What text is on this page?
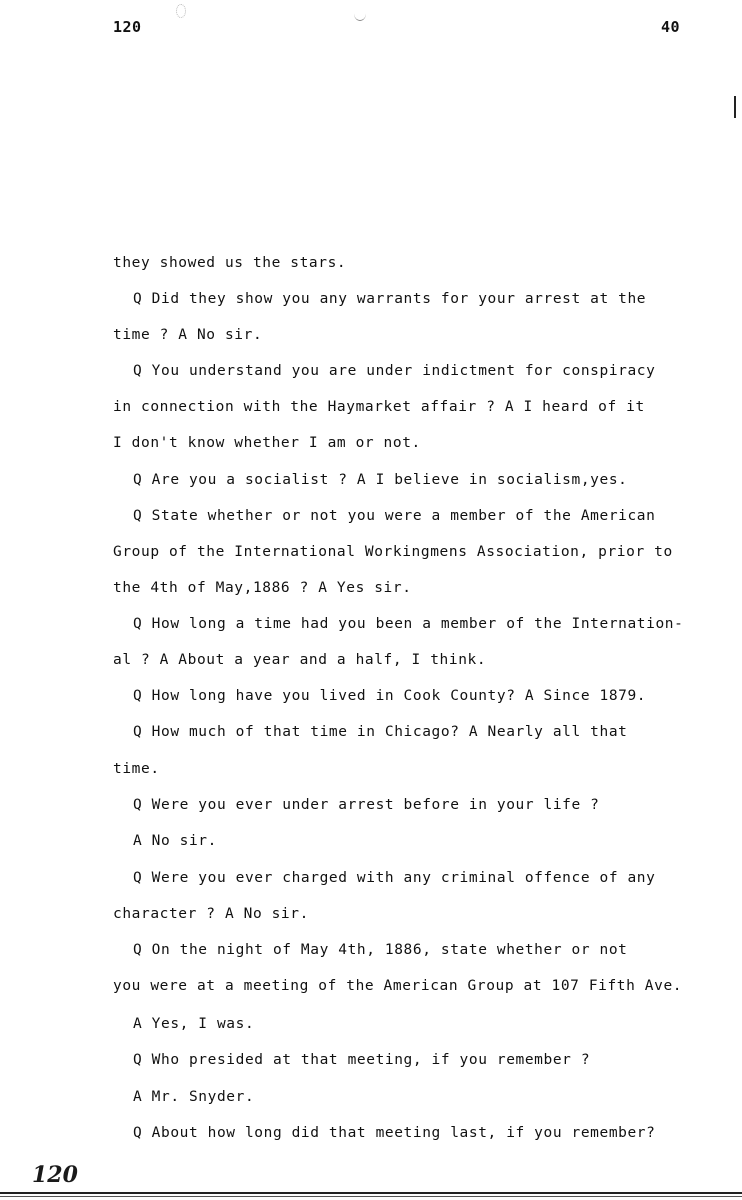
120	40
they showed us the stars.
Q Did they show you any warrants for your arrest at the
time ? A No sir.
Q You understand you are under indictment for conspiracy
in connection with the Haymarket affair ? A I heard of it
I don't know whether I am or not.
Q Are you a socialist ? A I believe in socialism,yes.
Q State whether or not you were a member of the American
Group of the International Workingmens Association, prior to
the 4th of May,1886 ? A Yes sir.
Q How long a time had you been a member of the Internation-
al ? A About a year and a half, I think.
Q How long have you lived in Cook County? A Since 1879.
Q How much of that time in Chicago? A Nearly all that
time.
Q Were you ever under arrest before in your life ?
A No sir.
Q Were you ever charged with any criminal offence of any
character ? A No sir.
Q On the night of May 4th, 1886, state whether or not
you were at a meeting of the American Group at 107 Fifth Ave.
A Yes, I was.
Q Who presided at that meeting, if you remember ?
A Mr. Snyder.
Q About how long did that meeting last, if you remember?
120
